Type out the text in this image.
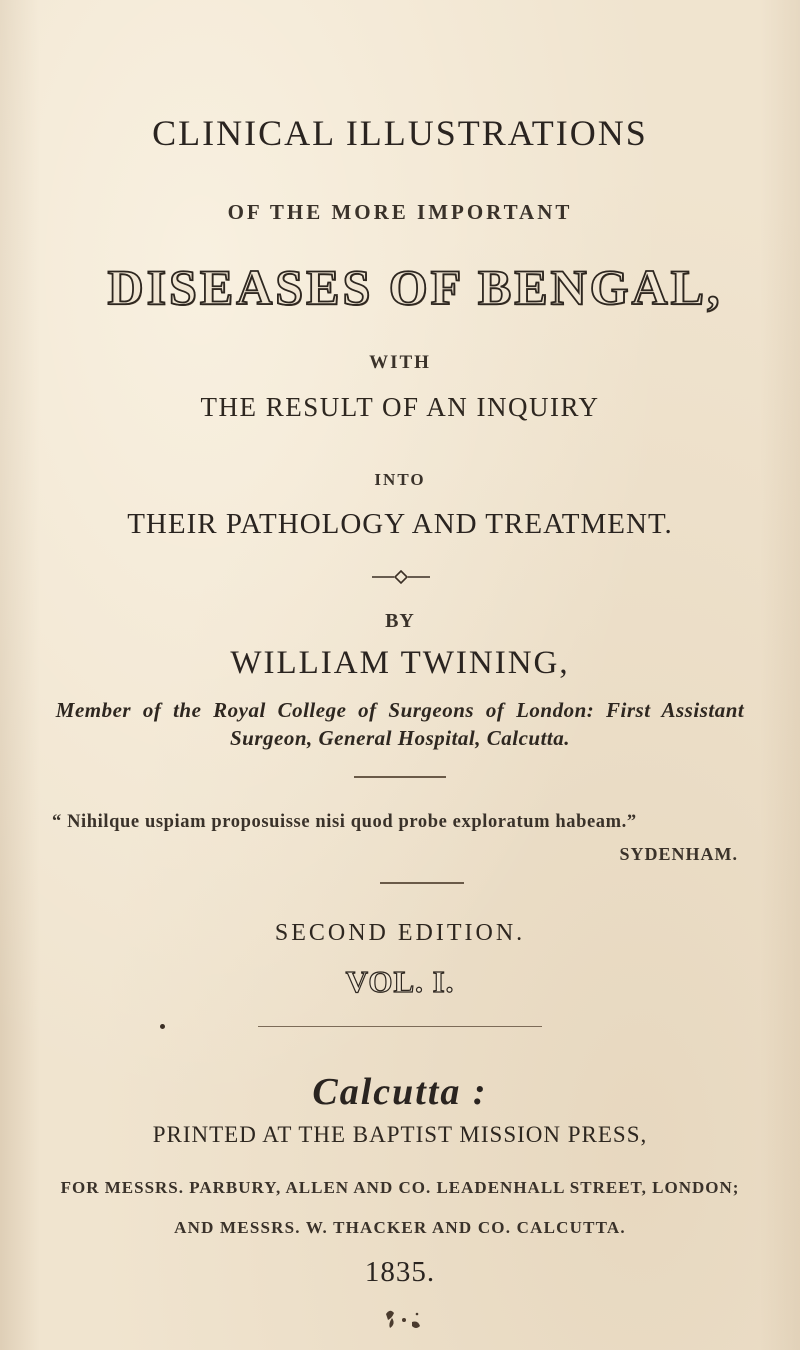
CLINICAL ILLUSTRATIONS
OF THE MORE IMPORTANT
DISEASES OF BENGAL,
WITH
THE RESULT OF AN INQUIRY
INTO
THEIR PATHOLOGY AND TREATMENT.
BY
WILLIAM TWINING,
Member of the Royal College of Surgeons of London: First Assistant
Surgeon, General Hospital, Calcutta.
“ Nihilque uspiam proposuisse nisi quod probe exploratum habeam.”
SYDENHAM.
SECOND EDITION.
VOL. I.
Calcutta :
PRINTED AT THE BAPTIST MISSION PRESS,
FOR MESSRS. PARBURY, ALLEN AND CO. LEADENHALL STREET, LONDON;
AND MESSRS. W. THACKER AND CO. CALCUTTA.
1835.
